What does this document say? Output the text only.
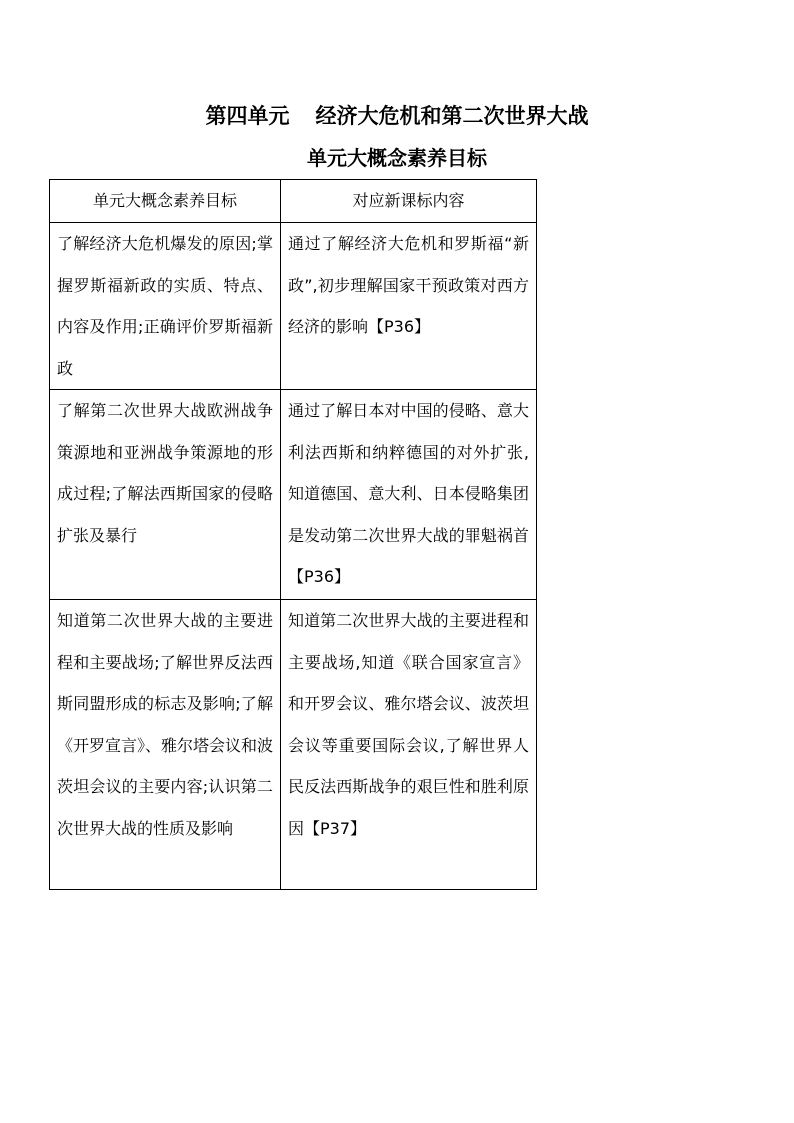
第四单元 经济大危机和第二次世界大战
单元大概念素养目标
单元大概念素养目标	对应新课标内容
了解经济大危机爆发的原因;掌握罗斯福新政的实质、特点、内容及作用;正确评价罗斯福新政	通过了解经济大危机和罗斯福“新政”,初步理解国家干预政策对西方经济的影响【P36】
了解第二次世界大战欧洲战争策源地和亚洲战争策源地的形成过程;了解法西斯国家的侵略扩张及暴行	通过了解日本对中国的侵略、意大利法西斯和纳粹德国的对外扩张,知道德国、意大利、日本侵略集团是发动第二次世界大战的罪魁祸首【P36】
知道第二次世界大战的主要进程和主要战场;了解世界反法西斯同盟形成的标志及影响;了解《开罗宣言》、雅尔塔会议和波茨坦会议的主要内容;认识第二次世界大战的性质及影响	知道第二次世界大战的主要进程和主要战场,知道《联合国家宣言》和开罗会议、雅尔塔会议、波茨坦会议等重要国际会议,了解世界人民反法西斯战争的艰巨性和胜利原因【P37】
